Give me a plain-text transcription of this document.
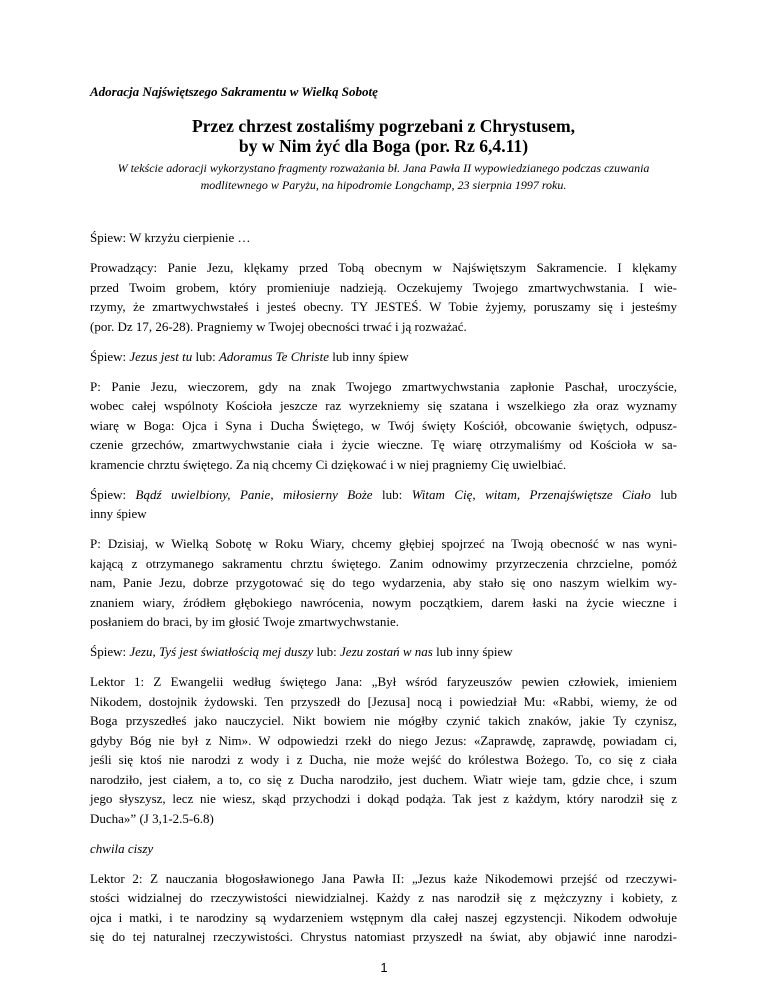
Adoracja Najświętszego Sakramentu w Wielką Sobotę
Przez chrzest zostaliśmy pogrzebani z Chrystusem,
by w Nim żyć dla Boga (por. Rz 6,4.11)
W tekście adoracji wykorzystano fragmenty rozważania bł. Jana Pawła II wypowiedzianego podczas czuwania
modlitewnego w Paryżu, na hipodromie Longchamp, 23 sierpnia 1997 roku.

Śpiew: W krzyżu cierpienie …

Prowadzący: Panie Jezu, klękamy przed Tobą obecnym w Najświętszym Sakramencie. I klękamy
przed Twoim grobem, który promieniuje nadzieją. Oczekujemy Twojego zmartwychwstania. I wie-
rzymy, że zmartwychwstałeś i jesteś obecny. TY JESTEŚ. W Tobie żyjemy, poruszamy się i jesteśmy
(por. Dz 17, 26-28). Pragniemy w Twojej obecności trwać i ją rozważać.

Śpiew: Jezus jest tu lub: Adoramus Te Christe lub inny śpiew

P: Panie Jezu, wieczorem, gdy na znak Twojego zmartwychwstania zapłonie Paschał, uroczyście,
wobec całej wspólnoty Kościoła jeszcze raz wyrzekniemy się szatana i wszelkiego zła oraz wyznamy
wiarę w Boga: Ojca i Syna i Ducha Świętego, w Twój święty Kościół, obcowanie świętych, odpusz-
czenie grzechów, zmartwychwstanie ciała i życie wieczne. Tę wiarę otrzymaliśmy od Kościoła w sa-
kramencie chrztu świętego. Za nią chcemy Ci dziękować i w niej pragniemy Cię uwielbiać.

Śpiew: Bądź uwielbiony, Panie, miłosierny Boże lub: Witam Cię, witam, Przenajświętsze Ciało lub
inny śpiew

P: Dzisiaj, w Wielką Sobotę w Roku Wiary, chcemy głębiej spojrzeć na Twoją obecność w nas wyni-
kającą z otrzymanego sakramentu chrztu świętego. Zanim odnowimy przyrzeczenia chrzcielne, pomóż
nam, Panie Jezu, dobrze przygotować się do tego wydarzenia, aby stało się ono naszym wielkim wy-
znaniem wiary, źródłem głębokiego nawrócenia, nowym początkiem, darem łaski na życie wieczne i
posłaniem do braci, by im głosić Twoje zmartwychwstanie.

Śpiew: Jezu, Tyś jest światłością mej duszy lub: Jezu zostań w nas lub inny śpiew

Lektor 1: Z Ewangelii według świętego Jana: „Był wśród faryzeuszów pewien człowiek, imieniem
Nikodem, dostojnik żydowski. Ten przyszedł do [Jezusa] nocą i powiedział Mu: «Rabbi, wiemy, że od
Boga przyszedłeś jako nauczyciel. Nikt bowiem nie mógłby czynić takich znaków, jakie Ty czynisz,
gdyby Bóg nie był z Nim». W odpowiedzi rzekł do niego Jezus: «Zaprawdę, zaprawdę, powiadam ci,
jeśli się ktoś nie narodzi z wody i z Ducha, nie może wejść do królestwa Bożego. To, co się z ciała
narodziło, jest ciałem, a to, co się z Ducha narodziło, jest duchem. Wiatr wieje tam, gdzie chce, i szum
jego słyszysz, lecz nie wiesz, skąd przychodzi i dokąd podąża. Tak jest z każdym, który narodził się z
Ducha»” (J 3,1-2.5-6.8)

chwila ciszy

Lektor 2: Z nauczania błogosławionego Jana Pawła II: „Jezus każe Nikodemowi przejść od rzeczywi-
stości widzialnej do rzeczywistości niewidzialnej. Każdy z nas narodził się z mężczyzny i kobiety, z
ojca i matki, i te narodziny są wydarzeniem wstępnym dla całej naszej egzystencji. Nikodem odwołuje
się do tej naturalnej rzeczywistości. Chrystus natomiast przyszedł na świat, aby objawić inne narodzi-

1
